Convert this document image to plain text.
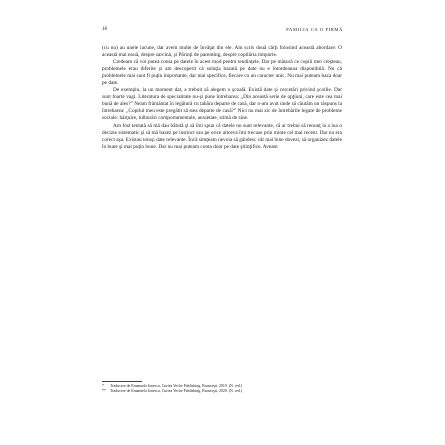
18	FAMILIA CA O FIRMĂ

(cu nu) au unele lacune, dar avem multe de învăţat din ele. Am scris două cărţi folosind această abordare: O această mai nouă, despre sarcină, şi Părinţi de parenting, despre copilăria timpurie.

Credeam că voi putea conta pe datele în acest mod pentru tendinţele. Dar pe măsură ce copiii mei creşteau, problemele erau diferite şi am descoperit că soluţia bazată pe date nu e întotdeauna disponibilă. Nu că problemele mai sunt fi puţin importante, dar mai specifice, fiecare cu un caracter unic. Nu mai puteam baza doar pe date.

De exemplu, la un moment dat, a trebuit să alegem o şcoală. Există date şi cercetări privind şcolile. Dar sunt foarte vagi. Literatura de specialitate nu-şi pune întrebarea: „Din această serie de opţiuni, care este cea mai bună de ales?” Neam frământat în legătură cu tabăra departe de casă, dar n-am avut unde să căutăm un răspuns la întrebarea: „Copilul meu este pregătit să stea departe de casă?” Nici nu mai zic de întrebările legate de probleme sociale: hărţuire, tulburări comportamentale, anxietate, stimă de sine.

Am fost tentată să mă dau bătută şi să îmi spun că datele nu sunt relevante, că ar trebui să renunţ la a lua o decizie sistematic şi să mă bazez pe instinct sau pe orice altceva îmi trecuse prin minte cel mai recent. Dar nu era corect aşa. Existau totuşi date relevante. Încă simţeam nevoia să gândesc cât mai bine dovezi, să organizez datele în bune şi mai puţin bune. Dar nu mai puteam conta doar pe date ştiinţifice. Aveam

* Traducere de Emanuela Ionescu, Curtea Veche Publishing, Bucureşti, 2019. (N. red.)

** Traducere de Emanuela Ionescu, Curtea Veche Publishing, Bucureşti, 2020. (N. red.)
